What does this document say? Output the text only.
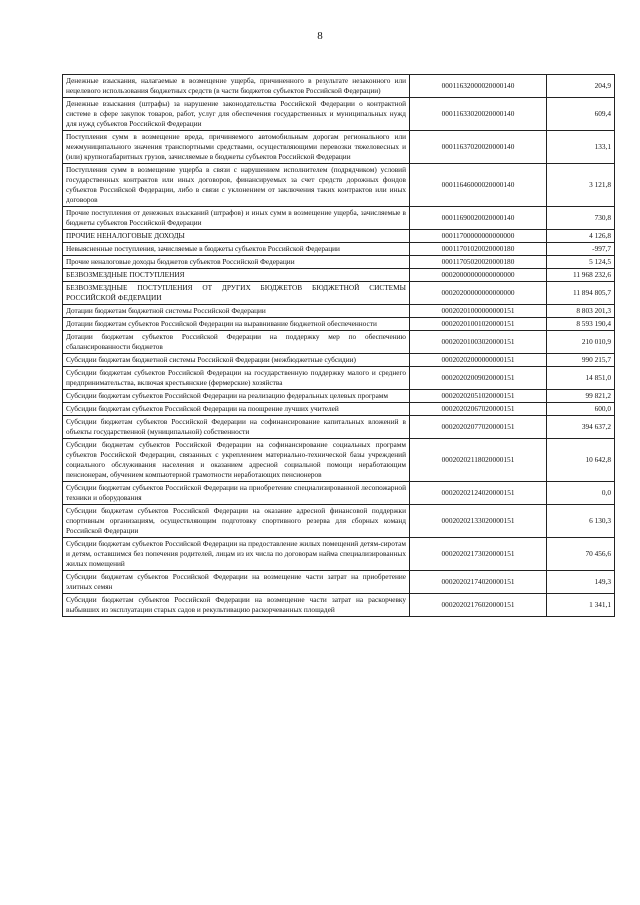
8
Денежные взыскания, налагаемые в возмещение ущерба, причиненного в результате незаконного или нецелевого использования бюджетных средств (в части бюджетов субъектов Российской Федерации)	00011632000020000140	204,9
Денежные взыскания (штрафы) за нарушение законодательства Российской Федерации о контрактной системе в сфере закупок товаров, работ, услуг для обеспечения государственных и муниципальных нужд для нужд субъектов Российской Федерации	00011633020020000140	609,4
Поступления сумм в возмещение вреда, причиняемого автомобильным дорогам регионального или межмуниципального значения транспортными средствами, осуществляющими перевозки тяжеловесных и (или) крупногабаритных грузов, зачисляемые в бюджеты субъектов Российской Федерации	00011637020020000140	133,1
Поступления сумм в возмещение ущерба в связи с нарушением исполнителем (подрядчиком) условий государственных контрактов или иных договоров, финансируемых за счет средств дорожных фондов субъектов Российской Федерации, либо в связи с уклонением от заключения таких контрактов или иных договоров	00011646000020000140	3 121,8
Прочие поступления от денежных взысканий (штрафов) и иных сумм в возмещение ущерба, зачисляемые в бюджеты субъектов Российской Федерации	00011690020020000140	730,8
ПРОЧИЕ НЕНАЛОГОВЫЕ ДОХОДЫ	00011700000000000000	4 126,8
Невыясненные поступления, зачисляемые в бюджеты субъектов Российской Федерации	00011701020020000180	-997,7
Прочие неналоговые доходы бюджетов субъектов Российской Федерации	00011705020020000180	5 124,5
БЕЗВОЗМЕЗДНЫЕ ПОСТУПЛЕНИЯ	00020000000000000000	11 968 232,6
БЕЗВОЗМЕЗДНЫЕ ПОСТУПЛЕНИЯ ОТ ДРУГИХ БЮДЖЕТОВ БЮДЖЕТНОЙ СИСТЕМЫ РОССИЙСКОЙ ФЕДЕРАЦИИ	00020200000000000000	11 894 805,7
Дотации бюджетам бюджетной системы Российской Федерации	00020201000000000151	8 803 201,3
Дотации бюджетам субъектов Российской Федерации на выравнивание бюджетной обеспеченности	00020201001020000151	8 593 190,4
Дотации бюджетам субъектов Российской Федерации на поддержку мер по обеспечению сбалансированности бюджетов	00020201003020000151	210 010,9
Субсидии бюджетам бюджетной системы Российской Федерации (межбюджетные субсидии)	00020202000000000151	990 215,7
Субсидии бюджетам субъектов Российской Федерации на государственную поддержку малого и среднего предпринимательства, включая крестьянские (фермерские) хозяйства	00020202009020000151	14 851,0
Субсидии бюджетам субъектов Российской Федерации на реализацию федеральных целевых программ	00020202051020000151	99 821,2
Субсидии бюджетам субъектов Российской Федерации на поощрение лучших учителей	00020202067020000151	600,0
Субсидии бюджетам субъектов Российской Федерации на софинансирование капитальных вложений в объекты государственной (муниципальной) собственности	00020202077020000151	394 637,2
Субсидии бюджетам субъектов Российской Федерации на софинансирование социальных программ субъектов Российской Федерации, связанных с укреплением материально-технической базы учреждений социального обслуживания населения и оказанием адресной социальной помощи неработающим пенсионерам, обучением компьютерной грамотности неработающих пенсионеров	00020202118020000151	10 642,8
Субсидии бюджетам субъектов Российской Федерации на приобретение специализированной лесопожарной техники и оборудования	00020202124020000151	0,0
Субсидии бюджетам субъектов Российской Федерации на оказание адресной финансовой поддержки спортивным организациям, осуществляющим подготовку спортивного резерва для сборных команд Российской Федерации	00020202133020000151	6 130,3
Субсидии бюджетам субъектов Российской Федерации на предоставление жилых помещений детям-сиротам и детям, оставшимся без попечения родителей, лицам из их числа по договорам найма специализированных жилых помещений	00020202173020000151	70 456,6
Субсидии бюджетам субъектов Российской Федерации на возмещение части затрат на приобретение элитных семян	00020202174020000151	149,3
Субсидии бюджетам субъектов Российской Федерации на возмещение части затрат на раскорчевку выбывших из эксплуатации старых садов и рекультивацию раскорчеванных площадей	00020202176020000151	1 341,1
